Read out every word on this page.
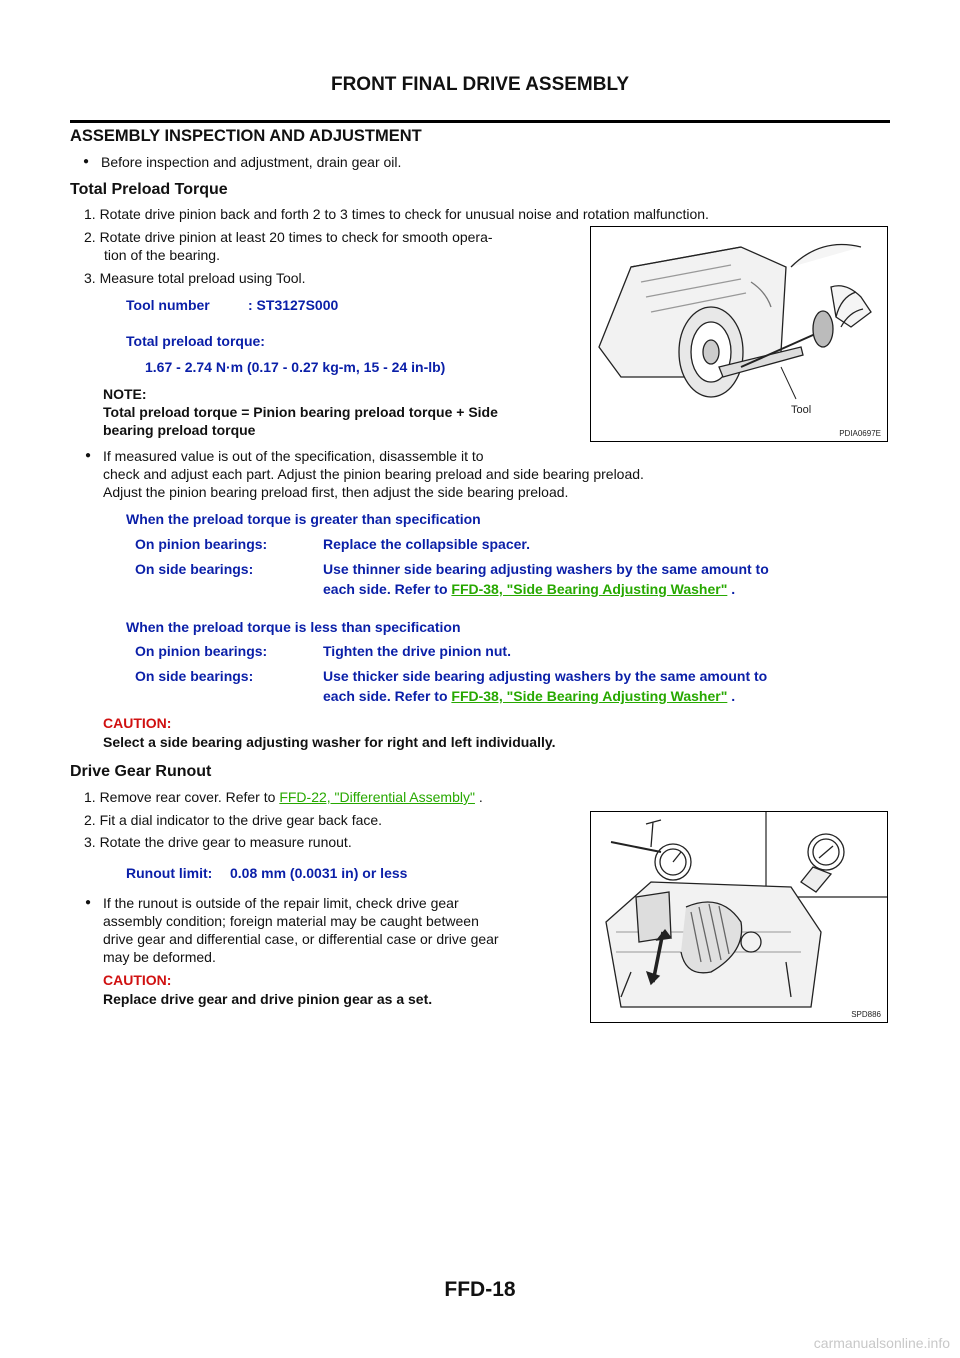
FRONT FINAL DRIVE ASSEMBLY
ASSEMBLY INSPECTION AND ADJUSTMENT
● Before inspection and adjustment, drain gear oil.
Total Preload Torque
1. Rotate drive pinion back and forth 2 to 3 times to check for unusual noise and rotation malfunction.
2. Rotate drive pinion at least 20 times to check for smooth opera-
tion of the bearing.
3. Measure total preload using Tool.
Tool number	: ST3127S000
Total preload torque:
1.67 - 2.74 N·m (0.17 - 0.27 kg-m, 15 - 24 in-lb)
NOTE:
Total preload torque = Pinion bearing preload torque + Side
bearing preload torque
● If measured value is out of the specification, disassemble it to
check and adjust each part. Adjust the pinion bearing preload and side bearing preload.
Adjust the pinion bearing preload first, then adjust the side bearing preload.
When the preload torque is greater than specification
On pinion bearings:	Replace the collapsible spacer.
On side bearings:	Use thinner side bearing adjusting washers by the same amount to
each side. Refer to FFD-38, "Side Bearing Adjusting Washer" .
When the preload torque is less than specification
On pinion bearings:	Tighten the drive pinion nut.
On side bearings:	Use thicker side bearing adjusting washers by the same amount to
each side. Refer to FFD-38, "Side Bearing Adjusting Washer" .
CAUTION:
Select a side bearing adjusting washer for right and left individually.
Tool
PDIA0697E
Drive Gear Runout
1. Remove rear cover. Refer to FFD-22, "Differential Assembly" .
2. Fit a dial indicator to the drive gear back face.
3. Rotate the drive gear to measure runout.
Runout limit: 0.08 mm (0.0031 in) or less
● If the runout is outside of the repair limit, check drive gear
assembly condition; foreign material may be caught between
drive gear and differential case, or differential case or drive gear
may be deformed.
CAUTION:
Replace drive gear and drive pinion gear as a set.
SPD886
FFD-18
carmanualsonline.info
